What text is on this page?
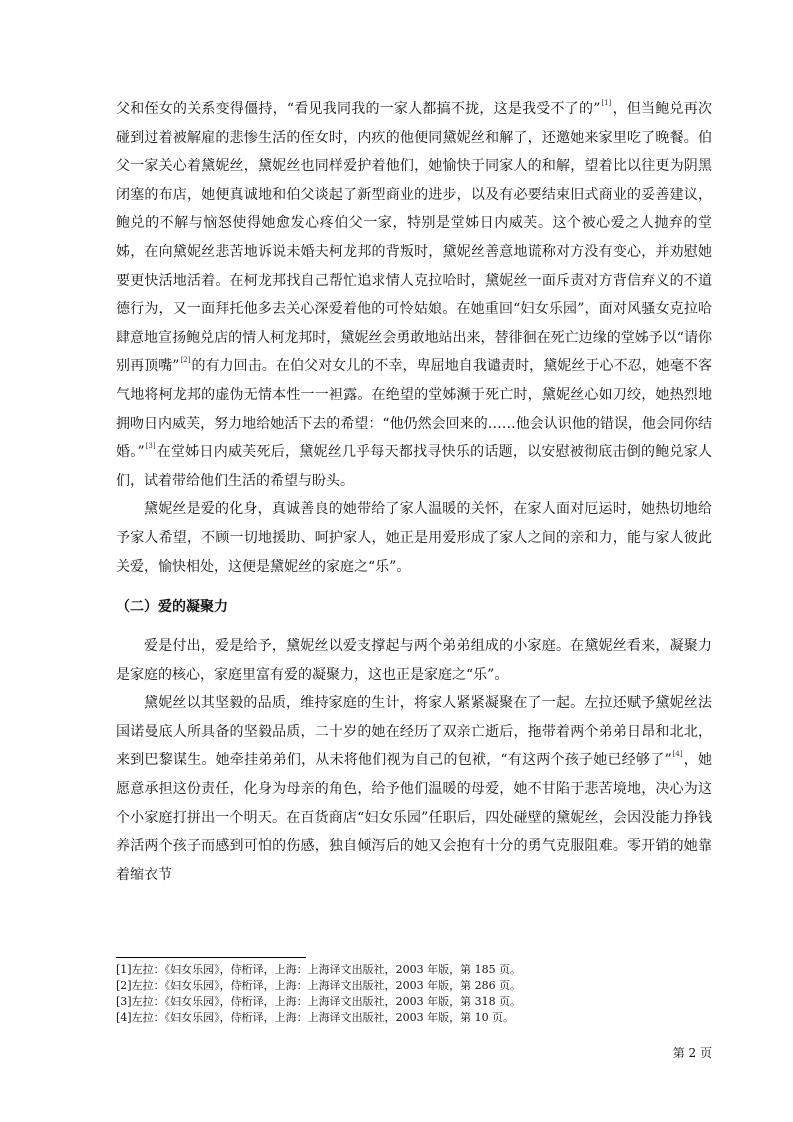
父和侄女的关系变得僵持，“看见我同我的一家人都搞不拢，这是我受不了的”[1]，但当鲍兑再次碰到过着被解雇的悲惨生活的侄女时，内疚的他便同黛妮丝和解了，还邀她来家里吃了晚餐。伯父一家关心着黛妮丝，黛妮丝也同样爱护着他们，她愉快于同家人的和解，望着比以往更为阴黑闭塞的布店，她便真诚地和伯父谈起了新型商业的进步，以及有必要结束旧式商业的妥善建议，鲍兑的不解与恼怒使得她愈发心疼伯父一家，特别是堂姊日内威芙。这个被心爱之人抛弃的堂姊，在向黛妮丝悲苦地诉说未婚夫柯龙邦的背叛时，黛妮丝善意地谎称对方没有变心，并劝慰她要更快活地活着。在柯龙邦找自己帮忙追求情人克拉哈时，黛妮丝一面斥责对方背信弃义的不道德行为，又一面拜托他多去关心深爱着他的可怜姑娘。在她重回“妇女乐园”，面对风骚女克拉哈肆意地宣扬鲍兑店的情人柯龙邦时，黛妮丝会勇敢地站出来，替徘徊在死亡边缘的堂姊予以“请你别再顶嘴”[2]的有力回击。在伯父对女儿的不幸，卑屈地自我谴责时，黛妮丝于心不忍，她毫不客气地将柯龙邦的虚伪无情本性一一袒露。在绝望的堂姊濒于死亡时，黛妮丝心如刀绞，她热烈地拥吻日内威芙，努力地给她活下去的希望：“他仍然会回来的……他会认识他的错误，他会同你结婚。”[3]在堂姊日内威芙死后，黛妮丝几乎每天都找寻快乐的话题，以安慰被彻底击倒的鲍兑家人们，试着带给他们生活的希望与盼头。

黛妮丝是爱的化身，真诚善良的她带给了家人温暖的关怀，在家人面对厄运时，她热切地给予家人希望，不顾一切地援助、呵护家人，她正是用爱形成了家人之间的亲和力，能与家人彼此关爱，愉快相处，这便是黛妮丝的家庭之“乐”。

（二）爱的凝聚力

爱是付出，爱是给予，黛妮丝以爱支撑起与两个弟弟组成的小家庭。在黛妮丝看来，凝聚力是家庭的核心，家庭里富有爱的凝聚力，这也正是家庭之“乐”。

黛妮丝以其坚毅的品质，维持家庭的生计，将家人紧紧凝聚在了一起。左拉还赋予黛妮丝法国诺曼底人所具备的坚毅品质，二十岁的她在经历了双亲亡逝后，拖带着两个弟弟日昂和北北，来到巴黎谋生。她牵挂弟弟们，从未将他们视为自己的包袱，“有这两个孩子她已经够了”[4]，她愿意承担这份责任，化身为母亲的角色，给予他们温暖的母爱，她不甘陷于悲苦境地，决心为这个小家庭打拼出一个明天。在百货商店“妇女乐园”任职后，四处碰壁的黛妮丝，会因没能力挣钱养活两个孩子而感到可怕的伤感，独自倾泻后的她又会抱有十分的勇气克服阻难。零开销的她靠着缩衣节

[1]左拉：《妇女乐园》，侍桁译，上海：上海译文出版社，2003 年版，第 185 页。

[2]左拉：《妇女乐园》，侍桁译，上海：上海译文出版社，2003 年版，第 286 页。

[3]左拉：《妇女乐园》，侍桁译，上海：上海译文出版社，2003 年版，第 318 页。

[4]左拉：《妇女乐园》，侍桁译，上海：上海译文出版社，2003 年版，第 10 页。

第 2 页
